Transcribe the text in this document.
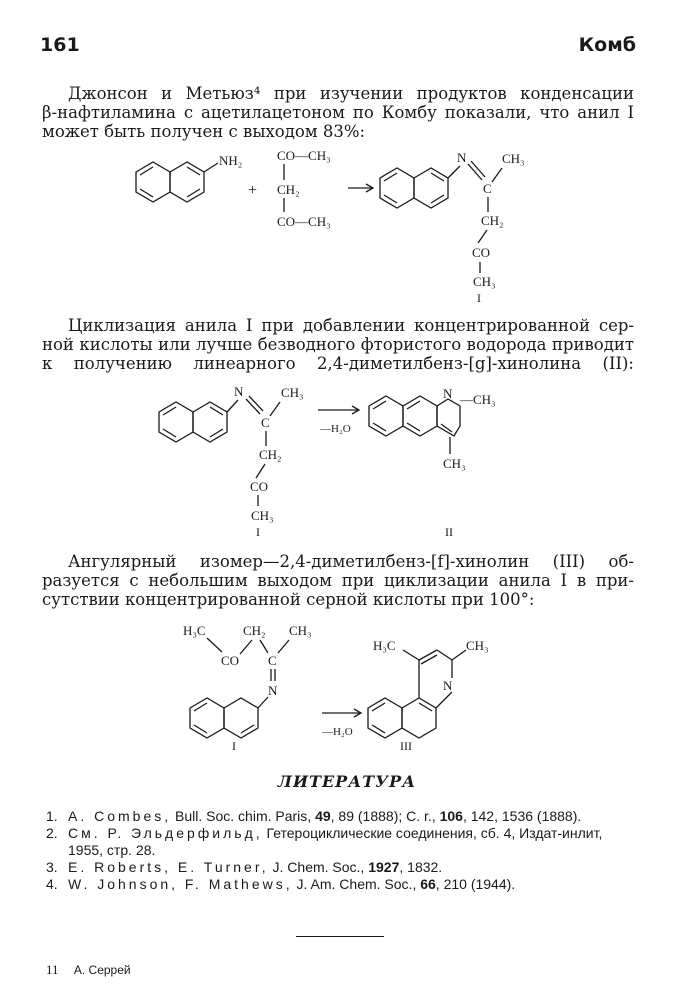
161	Комб
Джонсон и Метьюз⁴ при изучении продуктов конденсации
β-нафтиламина с ацетилацетоном по Комбу показали, что анил I
может быть получен с выходом 83%:
NH₂
+
CO—CH₃
CH₂
CO—CH₃
N
C
CH₃
CH₂
CO
CH₃
I
Циклизация анила I при добавлении концентрированной сер-
ной кислоты или лучше безводного фтористого водорода приводит
к получению линеарного 2,4-диметилбенз-[g]-хинолина (II):
N
C
CH₃
CH₂
CO
CH₃
I
—H₂O
N —CH₃
CH₃
II
Ангулярный изомер—2,4-диметилбенз-[f]-хинолин (III) об-
разуется с небольшим выходом при циклизации анила I в при-
сутствии концентрированной серной кислоты при 100°:
H₃C
CO
CH₂
C
CH₃
N
I
—H₂O
N
H₃C	CH₃
III
ЛИТЕРАТУРА
1. A. Combes, Bull. Soc. chim. Paris, 49, 89 (1888); C. r., 106, 142, 1536 (1888).
2. См. Р. Эльдерфильд, Гетероциклические соединения, сб. 4, Издат-инлит, 1955, стр. 28.
3. E. Roberts, E. Turner, J. Chem. Soc., 1927, 1832.
4. W. Johnson, F. Mathews, J. Am. Chem. Soc., 66, 210 (1944).
11 А. Серрей
